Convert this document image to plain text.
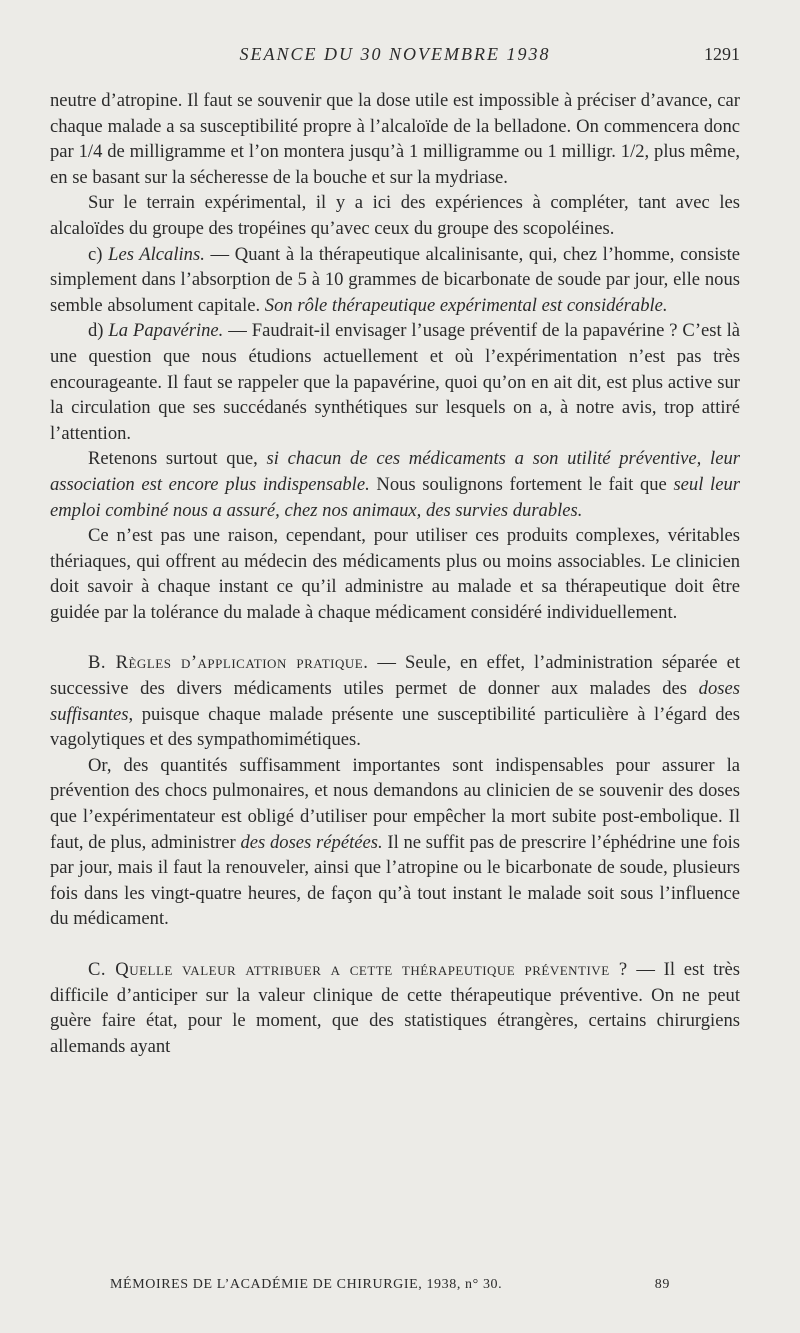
SEANCE DU 30 NOVEMBRE 1938	1291

neutre d’atropine. Il faut se souvenir que la dose utile est impossible à préciser d’avance, car chaque malade a sa susceptibilité propre à l’alcaloïde de la belladone. On commencera donc par 1/4 de milligramme et l’on montera jusqu’à 1 milligramme ou 1 milligr. 1/2, plus même, en se basant sur la sécheresse de la bouche et sur la mydriase.

Sur le terrain expérimental, il y a ici des expériences à compléter, tant avec les alcaloïdes du groupe des tropéines qu’avec ceux du groupe des scopoléines.

c) Les Alcalins. — Quant à la thérapeutique alcalinisante, qui, chez l’homme, consiste simplement dans l’absorption de 5 à 10 grammes de bicarbonate de soude par jour, elle nous semble absolument capitale. Son rôle thérapeutique expérimental est considérable.

d) La Papavérine. — Faudrait-il envisager l’usage préventif de la papavérine ? C’est là une question que nous étudions actuellement et où l’expérimentation n’est pas très encourageante. Il faut se rappeler que la papavérine, quoi qu’on en ait dit, est plus active sur la circulation que ses succédanés synthétiques sur lesquels on a, à notre avis, trop attiré l’attention.

Retenons surtout que, si chacun de ces médicaments a son utilité préventive, leur association est encore plus indispensable. Nous soulignons fortement le fait que seul leur emploi combiné nous a assuré, chez nos animaux, des survies durables.

Ce n’est pas une raison, cependant, pour utiliser ces produits complexes, véritables thériaques, qui offrent au médecin des médicaments plus ou moins associables. Le clinicien doit savoir à chaque instant ce qu’il administre au malade et sa thérapeutique doit être guidée par la tolérance du malade à chaque médicament considéré individuellement.

B. Règles d’application pratique. — Seule, en effet, l’administration séparée et successive des divers médicaments utiles permet de donner aux malades des doses suffisantes, puisque chaque malade présente une susceptibilité particulière à l’égard des vagolytiques et des sympathomimétiques.

Or, des quantités suffisamment importantes sont indispensables pour assurer la prévention des chocs pulmonaires, et nous demandons au clinicien de se souvenir des doses que l’expérimentateur est obligé d’utiliser pour empêcher la mort subite post-embolique. Il faut, de plus, administrer des doses répétées. Il ne suffit pas de prescrire l’éphédrine une fois par jour, mais il faut la renouveler, ainsi que l’atropine ou le bicarbonate de soude, plusieurs fois dans les vingt-quatre heures, de façon qu’à tout instant le malade soit sous l’influence du médicament.

C. Quelle valeur attribuer a cette thérapeutique préventive ? — Il est très difficile d’anticiper sur la valeur clinique de cette thérapeutique préventive. On ne peut guère faire état, pour le moment, que des statistiques étrangères, certains chirurgiens allemands ayant

MÉMOIRES DE L’ACADÉMIE DE CHIRURGIE, 1938, n° 30.	89
